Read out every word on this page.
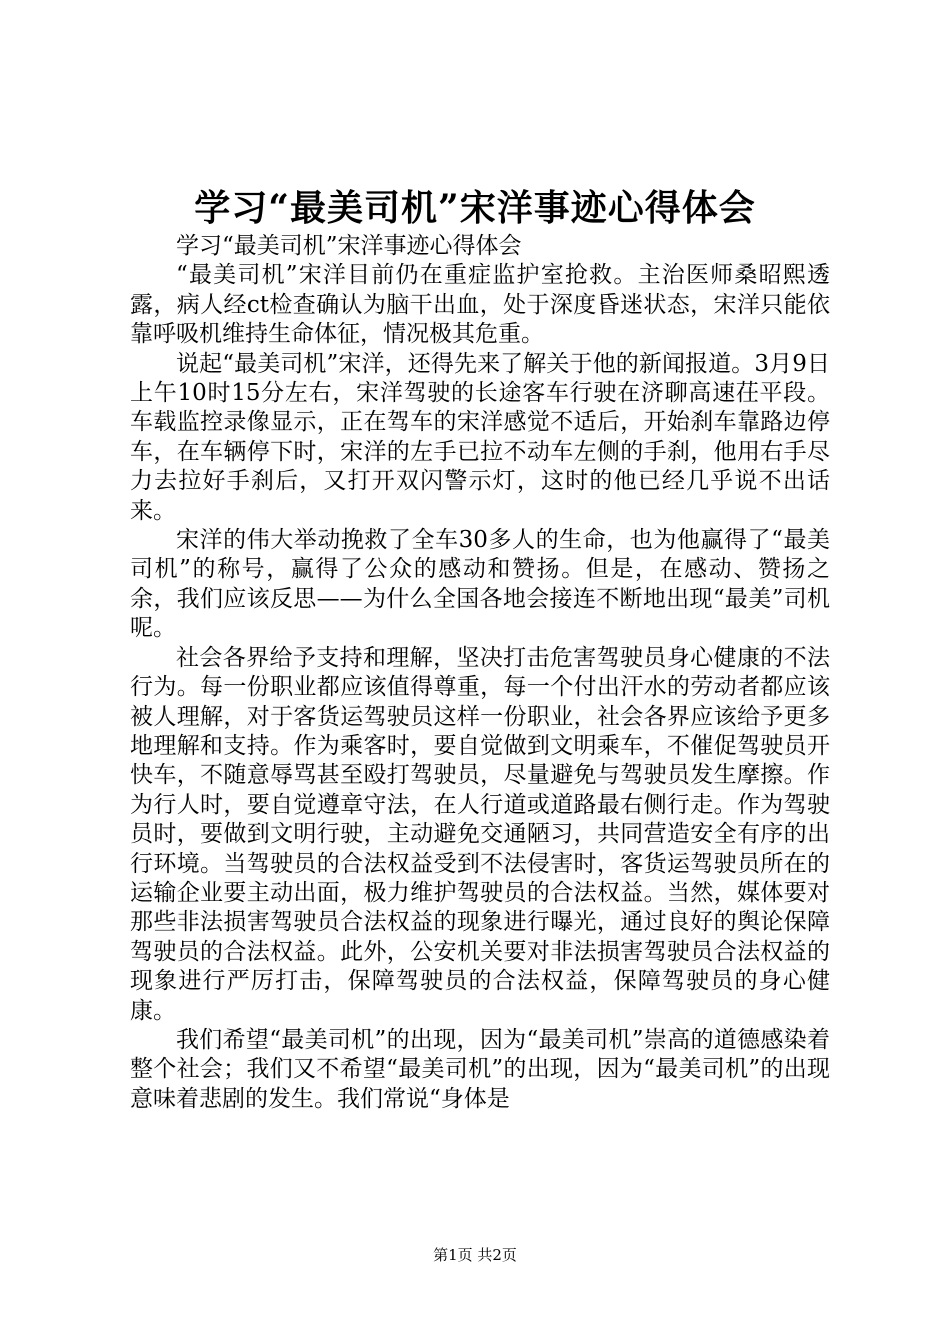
学习“最美司机”宋洋事迹心得体会

学习“最美司机”宋洋事迹心得体会

“最美司机”宋洋目前仍在重症监护室抢救。主治医师桑昭熙透露，病人经ct检查确认为脑干出血，处于深度昏迷状态，宋洋只能依靠呼吸机维持生命体征，情况极其危重。

说起“最美司机”宋洋，还得先来了解关于他的新闻报道。3月9日上午10时15分左右，宋洋驾驶的长途客车行驶在济聊高速茌平段。车载监控录像显示，正在驾车的宋洋感觉不适后，开始刹车靠路边停车，在车辆停下时，宋洋的左手已拉不动车左侧的手刹，他用右手尽力去拉好手刹后，又打开双闪警示灯，这时的他已经几乎说不出话来。

宋洋的伟大举动挽救了全车30多人的生命，也为他赢得了“最美司机”的称号，赢得了公众的感动和赞扬。但是，在感动、赞扬之余，我们应该反思——为什么全国各地会接连不断地出现“最美”司机呢。

社会各界给予支持和理解，坚决打击危害驾驶员身心健康的不法行为。每一份职业都应该值得尊重，每一个付出汗水的劳动者都应该被人理解，对于客货运驾驶员这样一份职业，社会各界应该给予更多地理解和支持。作为乘客时，要自觉做到文明乘车，不催促驾驶员开快车，不随意辱骂甚至殴打驾驶员，尽量避免与驾驶员发生摩擦。作为行人时，要自觉遵章守法，在人行道或道路最右侧行走。作为驾驶员时，要做到文明行驶，主动避免交通陋习，共同营造安全有序的出行环境。当驾驶员的合法权益受到不法侵害时，客货运驾驶员所在的运输企业要主动出面，极力维护驾驶员的合法权益。当然，媒体要对那些非法损害驾驶员合法权益的现象进行曝光，通过良好的舆论保障驾驶员的合法权益。此外，公安机关要对非法损害驾驶员合法权益的现象进行严厉打击，保障驾驶员的合法权益，保障驾驶员的身心健康。

我们希望“最美司机”的出现，因为“最美司机”崇高的道德感染着整个社会；我们又不希望“最美司机”的出现，因为“最美司机”的出现意味着悲剧的发生。我们常说“身体是

第1页 共2页
